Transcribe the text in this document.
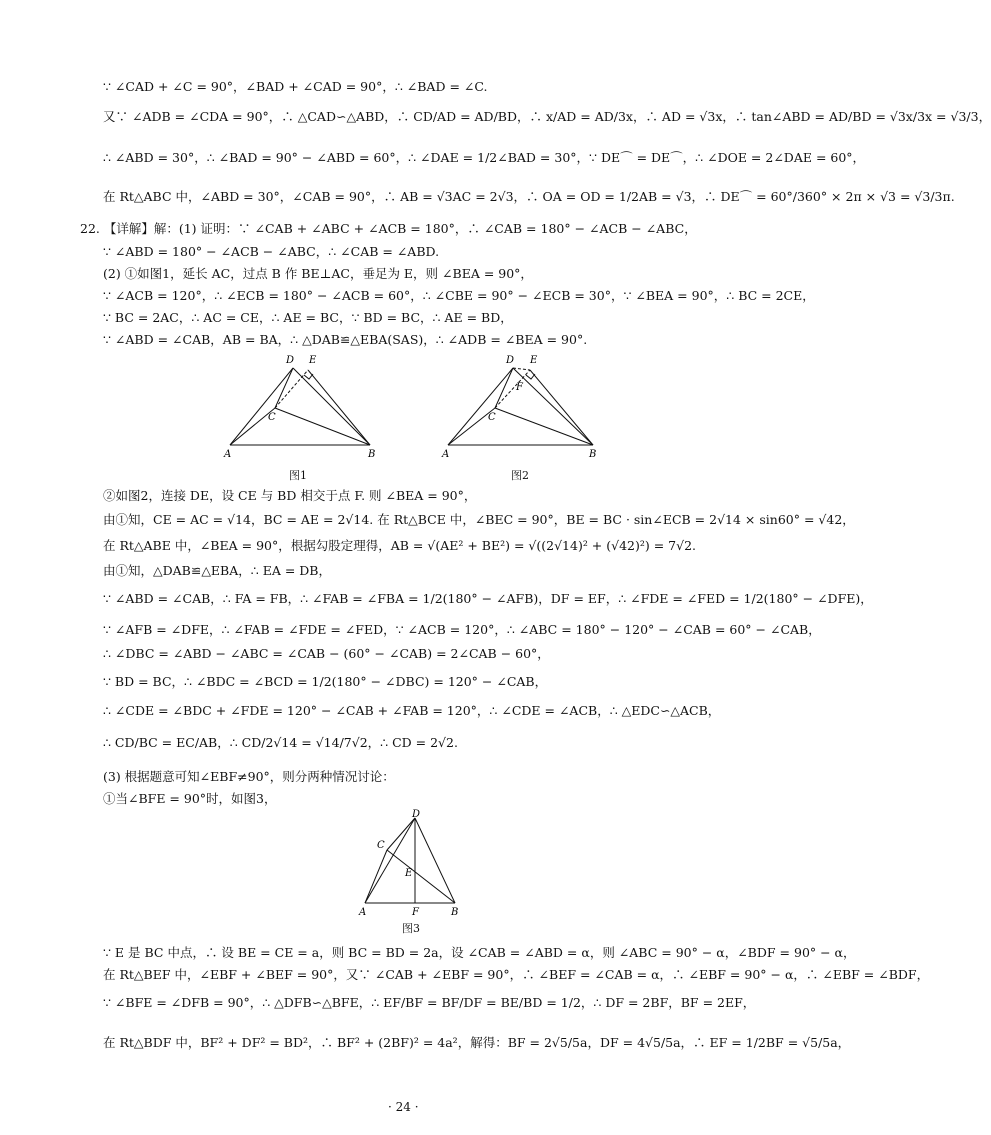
∵ ∠CAD + ∠C = 90°，∠BAD + ∠CAD = 90°，∴ ∠BAD = ∠C.
又∵ ∠ADB = ∠CDA = 90°，∴ △CAD∽△ABD，∴ CD/AD = AD/BD，∴ x/AD = AD/3x，∴ AD = √3x，∴ tan∠ABD = AD/BD = √3x/3x = √3/3，
∴ ∠ABD = 30°，∴ ∠BAD = 90° − ∠ABD = 60°，∴ ∠DAE = 1/2∠BAD = 30°，∵ DE⌒ = DE⌒，∴ ∠DOE = 2∠DAE = 60°，
在 Rt△ABC 中，∠ABD = 30°，∠CAB = 90°，∴ AB = √3AC = 2√3，∴ OA = OD = 1/2AB = √3，∴ DE⌒ = 60°/360° × 2π × √3 = √3/3π.
22. 【详解】解：(1) 证明：∵ ∠CAB + ∠ABC + ∠ACB = 180°，∴ ∠CAB = 180° − ∠ACB − ∠ABC，
∵ ∠ABD = 180° − ∠ACB − ∠ABC，∴ ∠CAB = ∠ABD.
(2) ①如图1，延长 AC，过点 B 作 BE⊥AC，垂足为 E，则 ∠BEA = 90°，
∵ ∠ACB = 120°，∴ ∠ECB = 180° − ∠ACB = 60°，∴ ∠CBE = 90° − ∠ECB = 30°，∵ ∠BEA = 90°，∴ BC = 2CE，
∵ BC = 2AC，∴ AC = CE，∴ AE = BC，∵ BD = BC，∴ AE = BD，
∵ ∠ABD = ∠CAB，AB = BA，∴ △DAB≌△EBA(SAS)，∴ ∠ADB = ∠BEA = 90°.
D E
C
A	B
图1
D E
F
C
A	B
图2
②如图2，连接 DE，设 CE 与 BD 相交于点 F. 则 ∠BEA = 90°，
由①知，CE = AC = √14，BC = AE = 2√14. 在 Rt△BCE 中，∠BEC = 90°，BE = BC · sin∠ECB = 2√14 × sin60° = √42，
在 Rt△ABE 中，∠BEA = 90°，根据勾股定理得，AB = √(AE² + BE²) = √((2√14)² + (√42)²) = 7√2.
由①知，△DAB≌△EBA，∴ EA = DB，
∵ ∠ABD = ∠CAB，∴ FA = FB，∴ ∠FAB = ∠FBA = 1/2(180° − ∠AFB)，DF = EF，∴ ∠FDE = ∠FED = 1/2(180° − ∠DFE)，
∵ ∠AFB = ∠DFE，∴ ∠FAB = ∠FDE = ∠FED，∵ ∠ACB = 120°，∴ ∠ABC = 180° − 120° − ∠CAB = 60° − ∠CAB，
∴ ∠DBC = ∠ABD − ∠ABC = ∠CAB − (60° − ∠CAB) = 2∠CAB − 60°，
∵ BD = BC，∴ ∠BDC = ∠BCD = 1/2(180° − ∠DBC) = 120° − ∠CAB，
∴ ∠CDE = ∠BDC + ∠FDE = 120° − ∠CAB + ∠FAB = 120°，∴ ∠CDE = ∠ACB，∴ △EDC∽△ACB，
∴ CD/BC = EC/AB，∴ CD/2√14 = √14/7√2，∴ CD = 2√2.
(3) 根据题意可知∠EBF≠90°，则分两种情况讨论：
①当∠BFE = 90°时，如图3，
D
C
E
A	F	B
图3
∵ E 是 BC 中点，∴ 设 BE = CE = a，则 BC = BD = 2a，设 ∠CAB = ∠ABD = α，则 ∠ABC = 90° − α，∠BDF = 90° − α，
在 Rt△BEF 中，∠EBF + ∠BEF = 90°，又∵ ∠CAB + ∠EBF = 90°，∴ ∠BEF = ∠CAB = α，∴ ∠EBF = 90° − α，∴ ∠EBF = ∠BDF，
∵ ∠BFE = ∠DFB = 90°，∴ △DFB∽△BFE，∴ EF/BF = BF/DF = BE/BD = 1/2，∴ DF = 2BF，BF = 2EF，
在 Rt△BDF 中，BF² + DF² = BD²，∴ BF² + (2BF)² = 4a²，解得：BF = 2√5/5a，DF = 4√5/5a，∴ EF = 1/2BF = √5/5a，
· 24 ·
